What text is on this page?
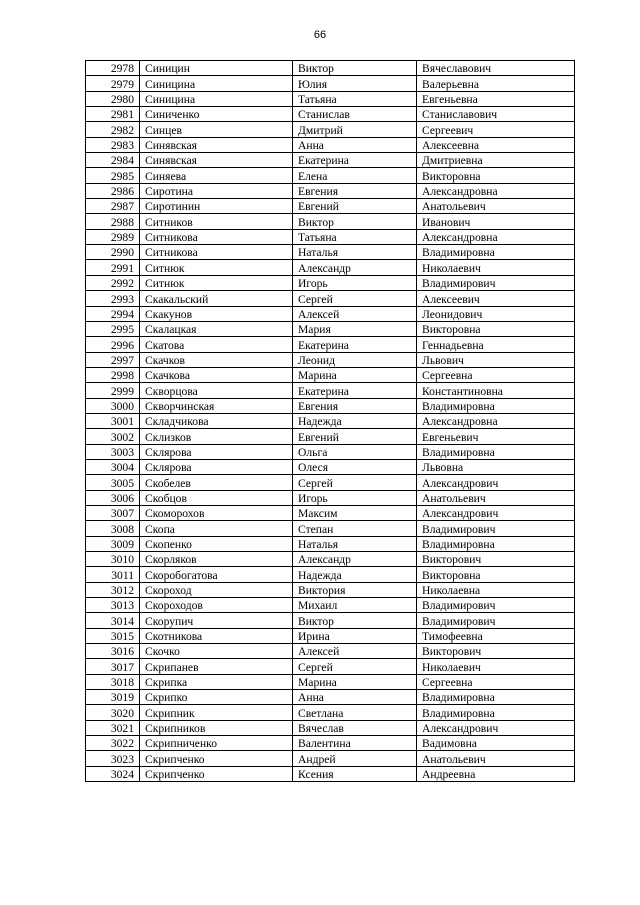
66
2978	Синицин	Виктор	Вячеславович
2979	Синицина	Юлия	Валерьевна
2980	Синицина	Татьяна	Евгеньевна
2981	Синиченко	Станислав	Станиславович
2982	Синцев	Дмитрий	Сергеевич
2983	Синявская	Анна	Алексеевна
2984	Синявская	Екатерина	Дмитриевна
2985	Синяева	Елена	Викторовна
2986	Сиротина	Евгения	Александровна
2987	Сиротинин	Евгений	Анатольевич
2988	Ситников	Виктор	Иванович
2989	Ситникова	Татьяна	Александровна
2990	Ситникова	Наталья	Владимировна
2991	Ситнюк	Александр	Николаевич
2992	Ситнюк	Игорь	Владимирович
2993	Скакальский	Сергей	Алексеевич
2994	Скакунов	Алексей	Леонидович
2995	Скалацкая	Мария	Викторовна
2996	Скатова	Екатерина	Геннадьевна
2997	Скачков	Леонид	Львович
2998	Скачкова	Марина	Сергеевна
2999	Скворцова	Екатерина	Константиновна
3000	Скворчинская	Евгения	Владимировна
3001	Складчикова	Надежда	Александровна
3002	Склизков	Евгений	Евгеньевич
3003	Склярова	Ольга	Владимировна
3004	Склярова	Олеся	Львовна
3005	Скобелев	Сергей	Александрович
3006	Скобцов	Игорь	Анатольевич
3007	Скоморохов	Максим	Александрович
3008	Скопа	Степан	Владимирович
3009	Скопенко	Наталья	Владимировна
3010	Скорляков	Александр	Викторович
3011	Скоробогатова	Надежда	Викторовна
3012	Скороход	Виктория	Николаевна
3013	Скороходов	Михаил	Владимирович
3014	Скорупич	Виктор	Владимирович
3015	Скотникова	Ирина	Тимофеевна
3016	Скочко	Алексей	Викторович
3017	Скрипанев	Сергей	Николаевич
3018	Скрипка	Марина	Сергеевна
3019	Скрипко	Анна	Владимировна
3020	Скрипник	Светлана	Владимировна
3021	Скрипников	Вячеслав	Александрович
3022	Скрипниченко	Валентина	Вадимовна
3023	Скрипченко	Андрей	Анатольевич
3024	Скрипченко	Ксения	Андреевна
